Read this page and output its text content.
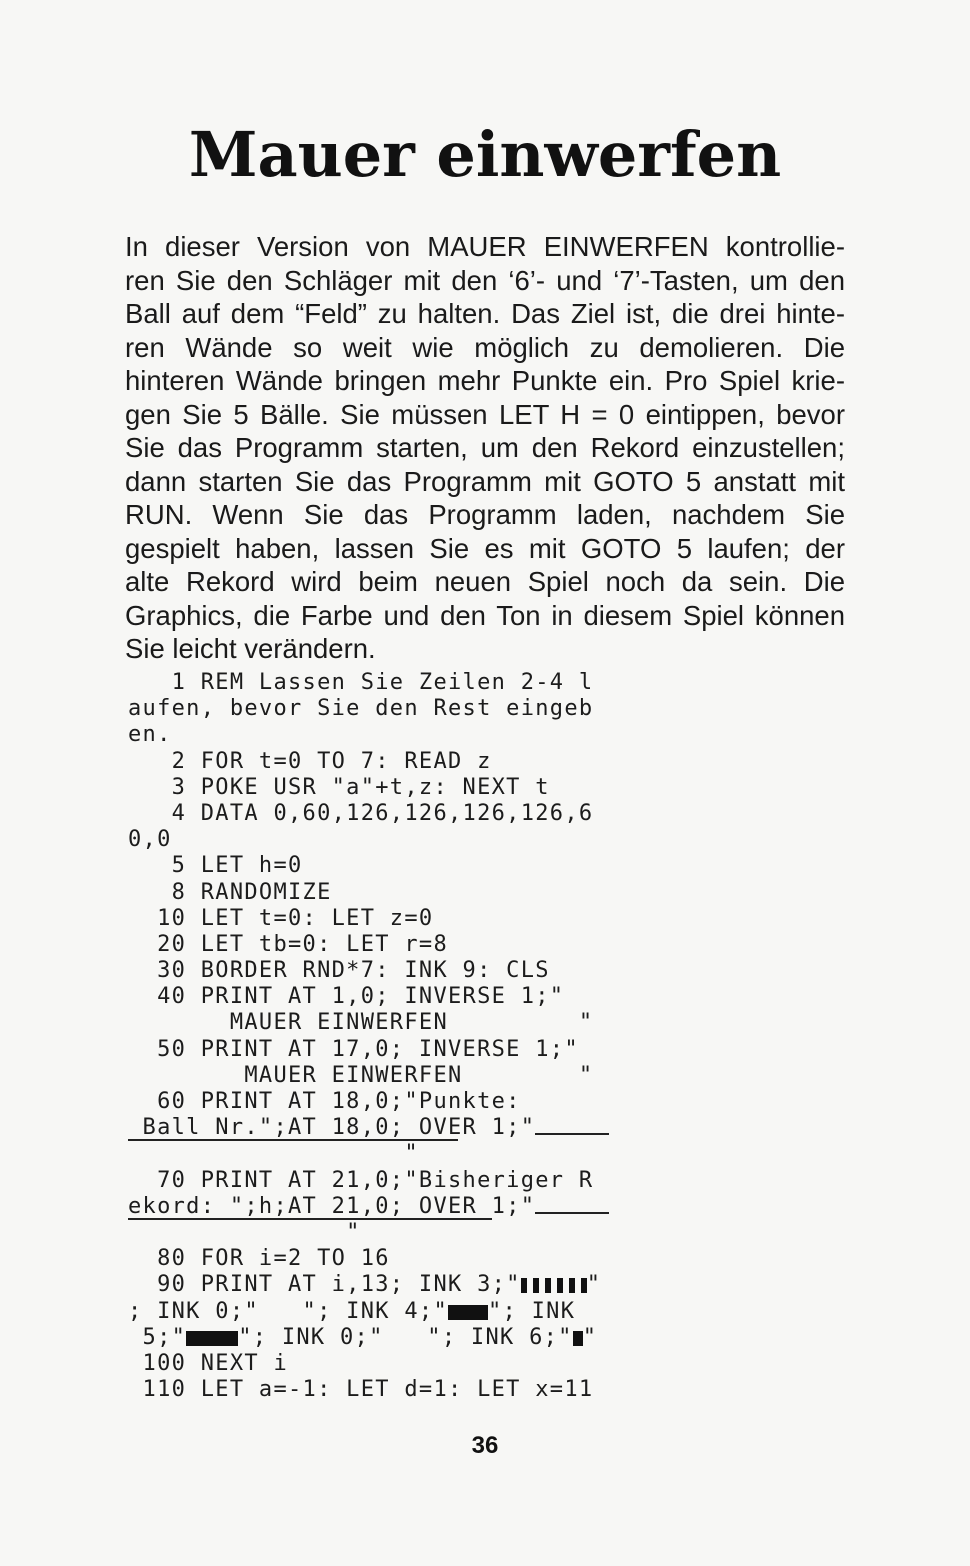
Mauer einwerfen
In dieser Version von MAUER EINWERFEN kontrollie-
ren Sie den Schläger mit den ‘6’- und ‘7’-Tasten, um den
Ball auf dem “Feld” zu halten. Das Ziel ist, die drei hinte-
ren Wände so weit wie möglich zu demolieren. Die
hinteren Wände bringen mehr Punkte ein. Pro Spiel krie-
gen Sie 5 Bälle. Sie müssen LET H = 0 eintippen, bevor
Sie das Programm starten, um den Rekord einzustellen;
dann starten Sie das Programm mit GOTO 5 anstatt mit
RUN. Wenn Sie das Programm laden, nachdem Sie
gespielt haben, lassen Sie es mit GOTO 5 laufen; der
alte Rekord wird beim neuen Spiel noch da sein. Die
Graphics, die Farbe und den Ton in diesem Spiel können
Sie leicht verändern.
1 REM Lassen Sie Zeilen 2-4 l
aufen, bevor Sie den Rest eingeb
en.
2 FOR t=0 TO 7: READ z
3 POKE USR "a"+t,z: NEXT t
4 DATA 0,60,126,126,126,126,6
0,0
5 LET h=0
8 RANDOMIZE
10 LET t=0: LET z=0
20 LET tb=0: LET r=8
30 BORDER RND*7: INK 9: CLS
40 PRINT AT 1,0; INVERSE 1;"
MAUER EINWERFEN         "
50 PRINT AT 17,0; INVERSE 1;"
MAUER EINWERFEN        "
60 PRINT AT 18,0;"Punkte:
Ball Nr.";AT 18,0; OVER 1;"
"
70 PRINT AT 21,0;"Bisheriger R
ekord: ";h;AT 21,0; OVER 1;"
"
80 FOR i=2 TO 16
90 PRINT AT i,13; INK 3;"	"
; INK 0;"   "; INK 4;" "; INK
5;" "; INK 0;"   "; INK 6;" "
100 NEXT i
110 LET a=-1: LET d=1: LET x=11
36
